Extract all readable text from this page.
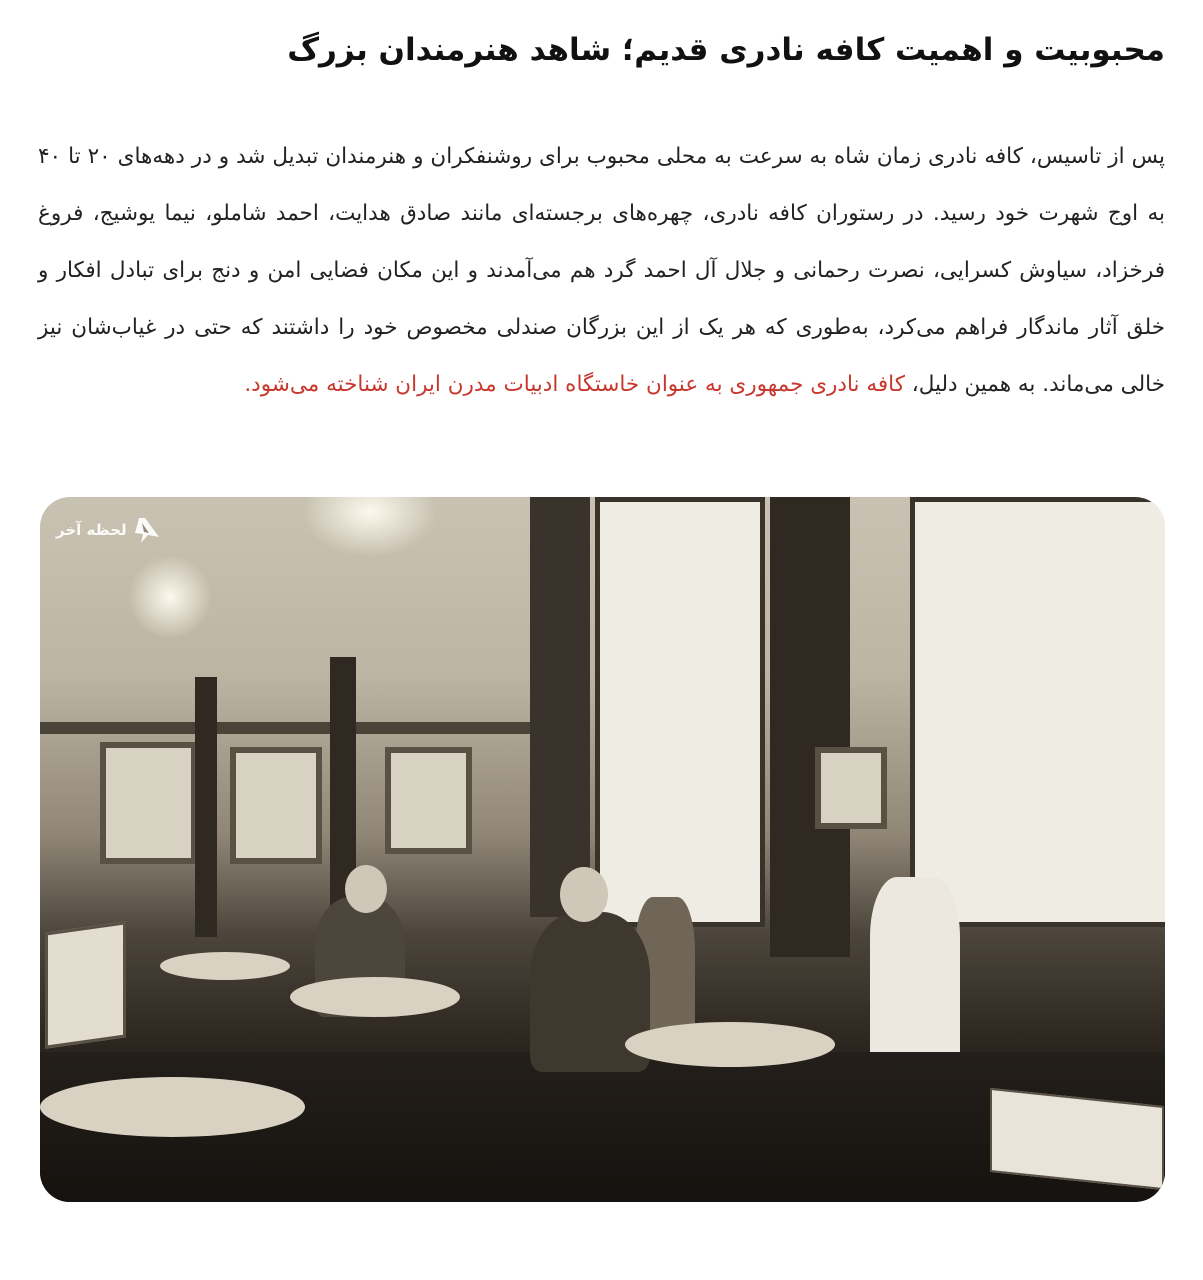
محبوبیت و اهمیت کافه نادری قدیم؛ شاهد هنرمندان بزرگ

پس از تاسیس، کافه نادری زمان شاه به سرعت به محلی محبوب برای روشنفکران و هنرمندان تبدیل شد و در دهه‌های ۲۰ تا ۴۰ به اوج شهرت خود رسید. در رستوران کافه نادری، چهره‌های برجسته‌ای مانند صادق هدایت، احمد شاملو، نیما یوشیج، فروغ فرخزاد، سیاوش کسرایی، نصرت رحمانی و جلال آل احمد گرد هم می‌آمدند و این مکان فضایی امن و دنج برای تبادل افکار و خلق آثار ماندگار فراهم می‌کرد، به‌طوری که هر یک از این بزرگان صندلی مخصوص خود را داشتند که حتی در غیاب‌شان نیز خالی می‌ماند. به همین دلیل، کافه نادری جمهوری به عنوان خاستگاه ادبیات مدرن ایران شناخته می‌شود.

لحظه آخر
